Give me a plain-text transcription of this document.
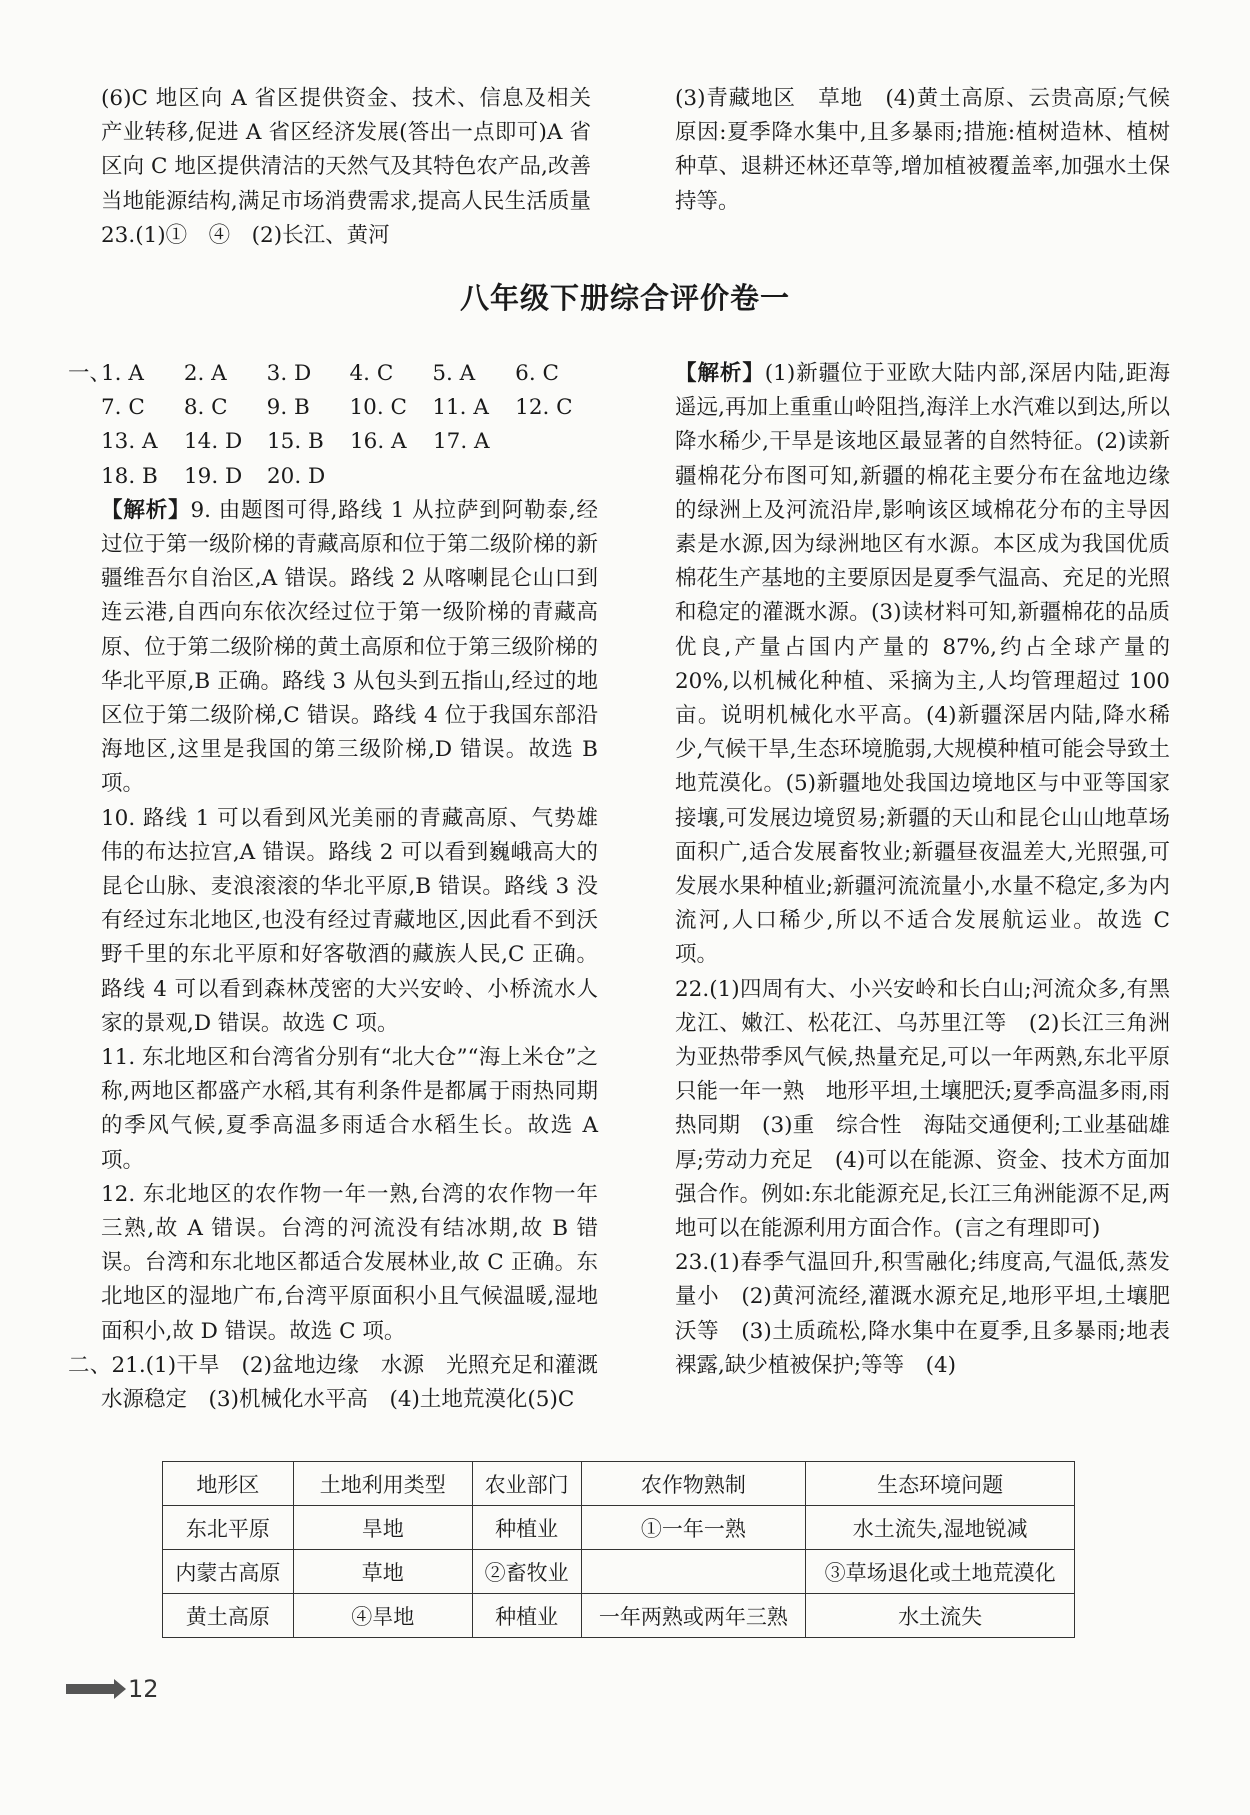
(6)C 地区向 A 省区提供资金、技术、信息及相关产业转移,促进 A 省区经济发展(答出一点即可)A 省区向 C 地区提供清洁的天然气及其特色农产品,改善当地能源结构,满足市场消费需求,提高人民生活质量　　23.(1)①　④　(2)长江、黄河

(3)青藏地区　草地　(4)黄土高原、云贵高原;气候原因:夏季降水集中,且多暴雨;措施:植树造林、植树种草、退耕还林还草等,增加植被覆盖率,加强水土保持等。

八年级下册综合评价卷一
一、
1. A	2. A	3. D	4. C	5. A	6. C
7. C	8. C	9. B	10. C	11. A	12. C
13. A	14. D	15. B	16. A	17. A
18. B	19. D	20. D

【解析】9. 由题图可得,路线 1 从拉萨到阿勒泰,经过位于第一级阶梯的青藏高原和位于第二级阶梯的新疆维吾尔自治区,A 错误。路线 2 从喀喇昆仑山口到连云港,自西向东依次经过位于第一级阶梯的青藏高原、位于第二级阶梯的黄土高原和位于第三级阶梯的华北平原,B 正确。路线 3 从包头到五指山,经过的地区位于第二级阶梯,C 错误。路线 4 位于我国东部沿海地区,这里是我国的第三级阶梯,D 错误。故选 B 项。

10. 路线 1 可以看到风光美丽的青藏高原、气势雄伟的布达拉宫,A 错误。路线 2 可以看到巍峨高大的昆仑山脉、麦浪滚滚的华北平原,B 错误。路线 3 没有经过东北地区,也没有经过青藏地区,因此看不到沃野千里的东北平原和好客敬酒的藏族人民,C 正确。路线 4 可以看到森林茂密的大兴安岭、小桥流水人家的景观,D 错误。故选 C 项。

11. 东北地区和台湾省分别有“北大仓”“海上米仓”之称,两地区都盛产水稻,其有利条件是都属于雨热同期的季风气候,夏季高温多雨适合水稻生长。故选 A 项。

12. 东北地区的农作物一年一熟,台湾的农作物一年三熟,故 A 错误。台湾的河流没有结冰期,故 B 错误。台湾和东北地区都适合发展林业,故 C 正确。东北地区的湿地广布,台湾平原面积小且气候温暖,湿地面积小,故 D 错误。故选 C 项。

二、21.(1)干旱　(2)盆地边缘　水源　光照充足和灌溉水源稳定　(3)机械化水平高　(4)土地荒漠化(5)C

【解析】(1)新疆位于亚欧大陆内部,深居内陆,距海遥远,再加上重重山岭阻挡,海洋上水汽难以到达,所以降水稀少,干旱是该地区最显著的自然特征。(2)读新疆棉花分布图可知,新疆的棉花主要分布在盆地边缘的绿洲上及河流沿岸,影响该区域棉花分布的主导因素是水源,因为绿洲地区有水源。本区成为我国优质棉花生产基地的主要原因是夏季气温高、充足的光照和稳定的灌溉水源。(3)读材料可知,新疆棉花的品质优良,产量占国内产量的 87%,约占全球产量的 20%,以机械化种植、采摘为主,人均管理超过 100 亩。说明机械化水平高。(4)新疆深居内陆,降水稀少,气候干旱,生态环境脆弱,大规模种植可能会导致土地荒漠化。(5)新疆地处我国边境地区与中亚等国家接壤,可发展边境贸易;新疆的天山和昆仑山山地草场面积广,适合发展畜牧业;新疆昼夜温差大,光照强,可发展水果种植业;新疆河流流量小,水量不稳定,多为内流河,人口稀少,所以不适合发展航运业。故选 C 项。

22.(1)四周有大、小兴安岭和长白山;河流众多,有黑龙江、嫩江、松花江、乌苏里江等　(2)长江三角洲为亚热带季风气候,热量充足,可以一年两熟,东北平原只能一年一熟　地形平坦,土壤肥沃;夏季高温多雨,雨热同期　(3)重　综合性　海陆交通便利;工业基础雄厚;劳动力充足　(4)可以在能源、资金、技术方面加强合作。例如:东北能源充足,长江三角洲能源不足,两地可以在能源利用方面合作。(言之有理即可)

23.(1)春季气温回升,积雪融化;纬度高,气温低,蒸发量小　(2)黄河流经,灌溉水源充足,地形平坦,土壤肥沃等　(3)土质疏松,降水集中在夏季,且多暴雨;地表裸露,缺少植被保护;等等　(4)

地形区	土地利用类型	农业部门	农作物熟制	生态环境问题
东北平原	旱地	种植业	①一年一熟	水土流失,湿地锐减
内蒙古高原	草地	②畜牧业		③草场退化或土地荒漠化
黄土高原	④旱地	种植业	一年两熟或两年三熟	水土流失
12
